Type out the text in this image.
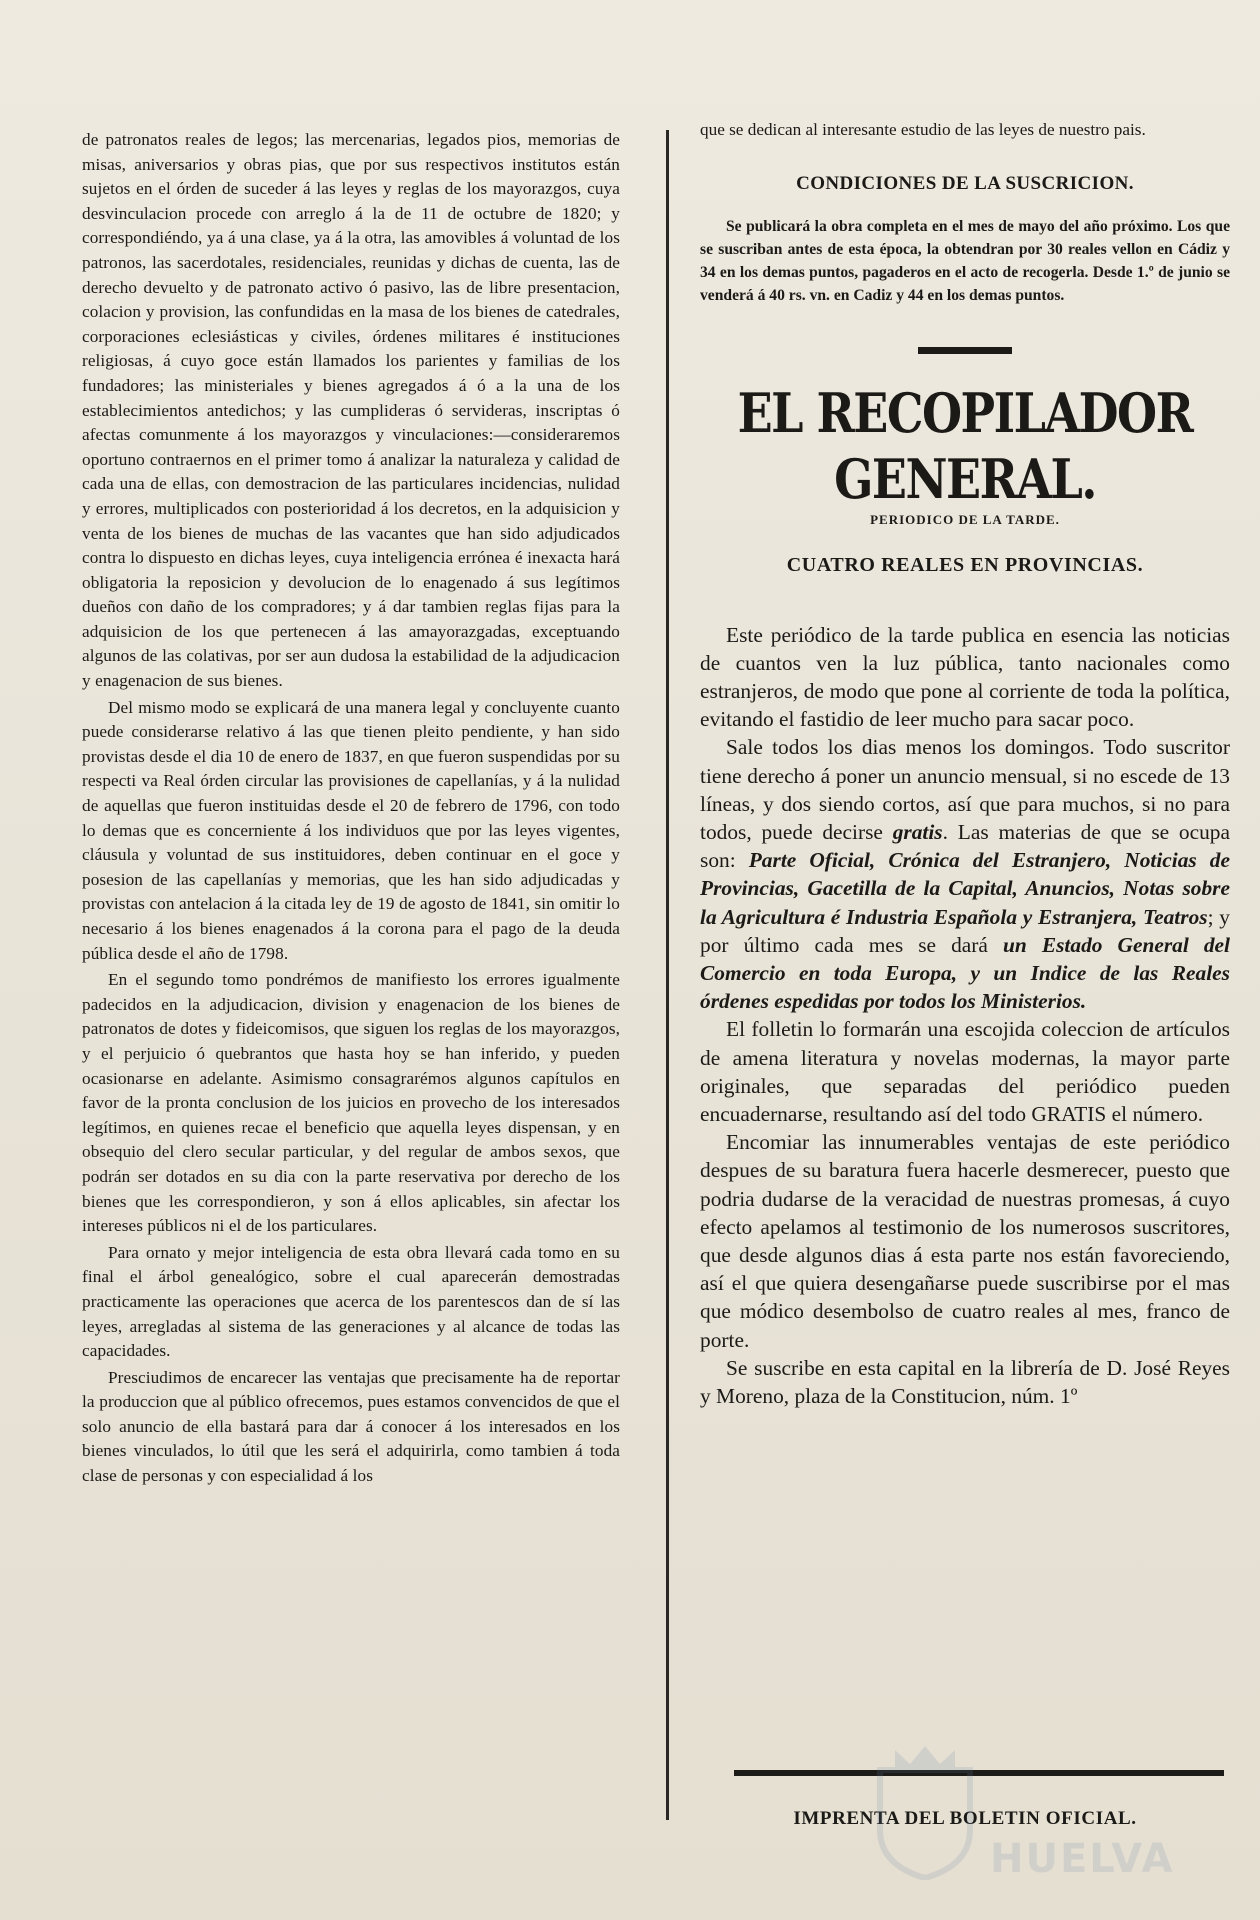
de patronatos reales de legos; las mercenarias, legados pios, memorias de misas, aniversarios y obras pias, que por sus respectivos institutos están sujetos en el órden de suceder á las leyes y reglas de los mayorazgos, cuya desvinculacion procede con arreglo á la de 11 de octubre de 1820; y correspondiéndo, ya á una clase, ya á la otra, las amovibles á voluntad de los patronos, las sacerdotales, residenciales, reunidas y dichas de cuenta, las de derecho devuelto y de patronato activo ó pasivo, las de libre presentacion, colacion y provision, las confundidas en la masa de los bienes de catedrales, corporaciones eclesiásticas y civiles, órdenes militares é instituciones religiosas, á cuyo goce están llamados los parientes y familias de los fundadores; las ministeriales y bienes agregados á ó a la una de los establecimientos antedichos; y las cumplideras ó servideras, inscriptas ó afectas comunmente á los mayorazgos y vinculaciones:—consideraremos oportuno contraernos en el primer tomo á analizar la naturaleza y calidad de cada una de ellas, con demostracion de las particulares incidencias, nulidad y errores, multiplicados con posterioridad á los decretos, en la adquisicion y venta de los bienes de muchas de las vacantes que han sido adjudicados contra lo dispuesto en dichas leyes, cuya inteligencia errónea é inexacta hará obligatoria la reposicion y devolucion de lo enagenado á sus legítimos dueños con daño de los compradores; y á dar tambien reglas fijas para la adquisicion de los que pertenecen á las amayorazgadas, exceptuando algunos de las colativas, por ser aun dudosa la estabilidad de la adjudicacion y enagenacion de sus bienes.

Del mismo modo se explicará de una manera legal y concluyente cuanto puede considerarse relativo á las que tienen pleito pendiente, y han sido provistas desde el dia 10 de enero de 1837, en que fueron suspendidas por su respecti va Real órden circular las provisiones de capellanías, y á la nulidad de aquellas que fueron instituidas desde el 20 de febrero de 1796, con todo lo demas que es concerniente á los individuos que por las leyes vigentes, cláusula y voluntad de sus instituidores, deben continuar en el goce y posesion de las capellanías y memorias, que les han sido adjudicadas y provistas con antelacion á la citada ley de 19 de agosto de 1841, sin omitir lo necesario á los bienes enagenados á la corona para el pago de la deuda pública desde el año de 1798.

En el segundo tomo pondrémos de manifiesto los errores igualmente padecidos en la adjudicacion, division y enagenacion de los bienes de patronatos de dotes y fideicomisos, que siguen los reglas de los mayorazgos, y el perjuicio ó quebrantos que hasta hoy se han inferido, y pueden ocasionarse en adelante. Asimismo consagrarémos algunos capítulos en favor de la pronta conclusion de los juicios en provecho de los interesados legítimos, en quienes recae el beneficio que aquella leyes dispensan, y en obsequio del clero secular particular, y del regular de ambos sexos, que podrán ser dotados en su dia con la parte reservativa por derecho de los bienes que les correspondieron, y son á ellos aplicables, sin afectar los intereses públicos ni el de los particulares.

Para ornato y mejor inteligencia de esta obra llevará cada tomo en su final el árbol genealógico, sobre el cual aparecerán demostradas practicamente las operaciones que acerca de los parentescos dan de sí las leyes, arregladas al sistema de las generaciones y al alcance de todas las capacidades.

Presciudimos de encarecer las ventajas que precisamente ha de reportar la produccion que al público ofrecemos, pues estamos convencidos de que el solo anuncio de ella bastará para dar á conocer á los interesados en los bienes vinculados, lo útil que les será el adquirirla, como tambien á toda clase de personas y con especialidad á los

que se dedican al interesante estudio de las leyes de nuestro pais.
CONDICIONES DE LA SUSCRICION.

Se publicará la obra completa en el mes de mayo del año próximo. Los que se suscriban antes de esta época, la obtendran por 30 reales vellon en Cádiz y 34 en los demas puntos, pagaderos en el acto de recogerla. Desde 1.º de junio se venderá á 40 rs. vn. en Cadiz y 44 en los demas puntos.

EL RECOPILADOR GENERAL.
PERIODICO DE LA TARDE.
CUATRO REALES EN PROVINCIAS.

Este periódico de la tarde publica en esencia las noticias de cuantos ven la luz pública, tanto nacionales como estranjeros, de modo que pone al corriente de toda la política, evitando el fastidio de leer mucho para sacar poco.

Sale todos los dias menos los domingos. Todo suscritor tiene derecho á poner un anuncio mensual, si no escede de 13 líneas, y dos siendo cortos, así que para muchos, si no para todos, puede decirse gratis. Las materias de que se ocupa son: Parte Oficial, Crónica del Estranjero, Noticias de Provincias, Gacetilla de la Capital, Anuncios, Notas sobre la Agricultura é Industria Española y Estranjera, Teatros; y por último cada mes se dará un Estado General del Comercio en toda Europa, y un Indice de las Reales órdenes espedidas por todos los Ministerios.

El folletin lo formarán una escojida coleccion de artículos de amena literatura y novelas modernas, la mayor parte originales, que separadas del periódico pueden encuadernarse, resultando así del todo GRATIS el número.

Encomiar las innumerables ventajas de este periódico despues de su baratura fuera hacerle desmerecer, puesto que podria dudarse de la veracidad de nuestras promesas, á cuyo efecto apelamos al testimonio de los numerosos suscritores, que desde algunos dias á esta parte nos están favoreciendo, así el que quiera desengañarse puede suscribirse por el mas que módico desembolso de cuatro reales al mes, franco de porte.

Se suscribe en esta capital en la librería de D. José Reyes y Moreno, plaza de la Constitucion, núm. 1º

IMPRENTA DEL BOLETIN OFICIAL.
HUELVA
